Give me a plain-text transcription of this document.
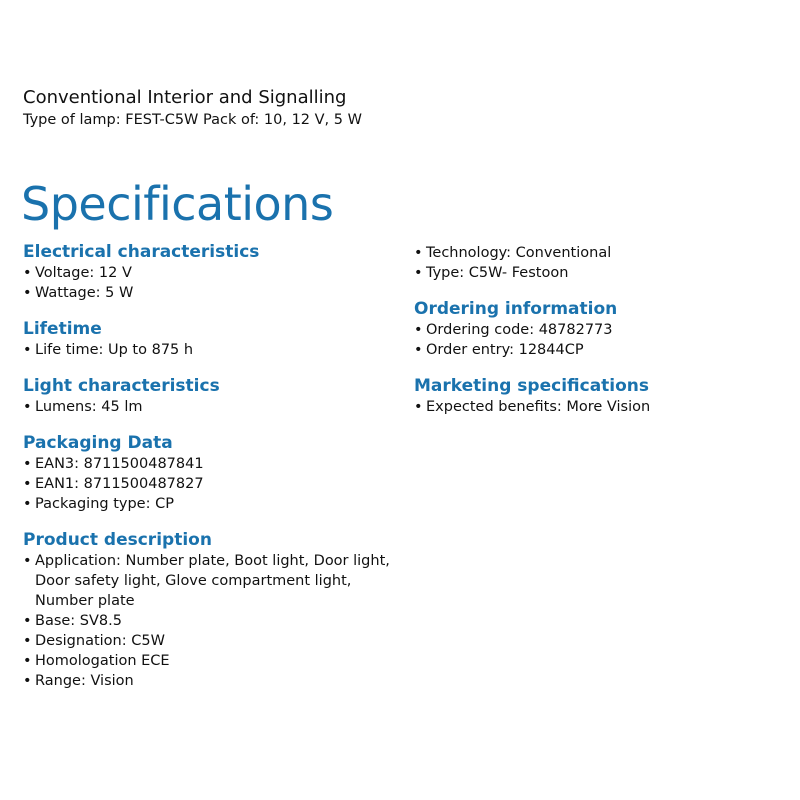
Conventional Interior and Signalling
Type of lamp: FEST-C5W Pack of: 10, 12 V, 5 W
Specifications
Electrical characteristics
• Voltage: 12 V
• Wattage: 5 W
Lifetime
• Life time: Up to 875 h
Light characteristics
• Lumens: 45 lm
Packaging Data
• EAN3: 8711500487841
• EAN1: 8711500487827
• Packaging type: CP
Product description
• Application: Number plate, Boot light, Door light, Door safety light, Glove compartment light, Number plate
• Base: SV8.5
• Designation: C5W
• Homologation ECE
• Range: Vision
• Technology: Conventional
• Type: C5W- Festoon
Ordering information
• Ordering code: 48782773
• Order entry: 12844CP
Marketing specifications
• Expected benefits: More Vision
